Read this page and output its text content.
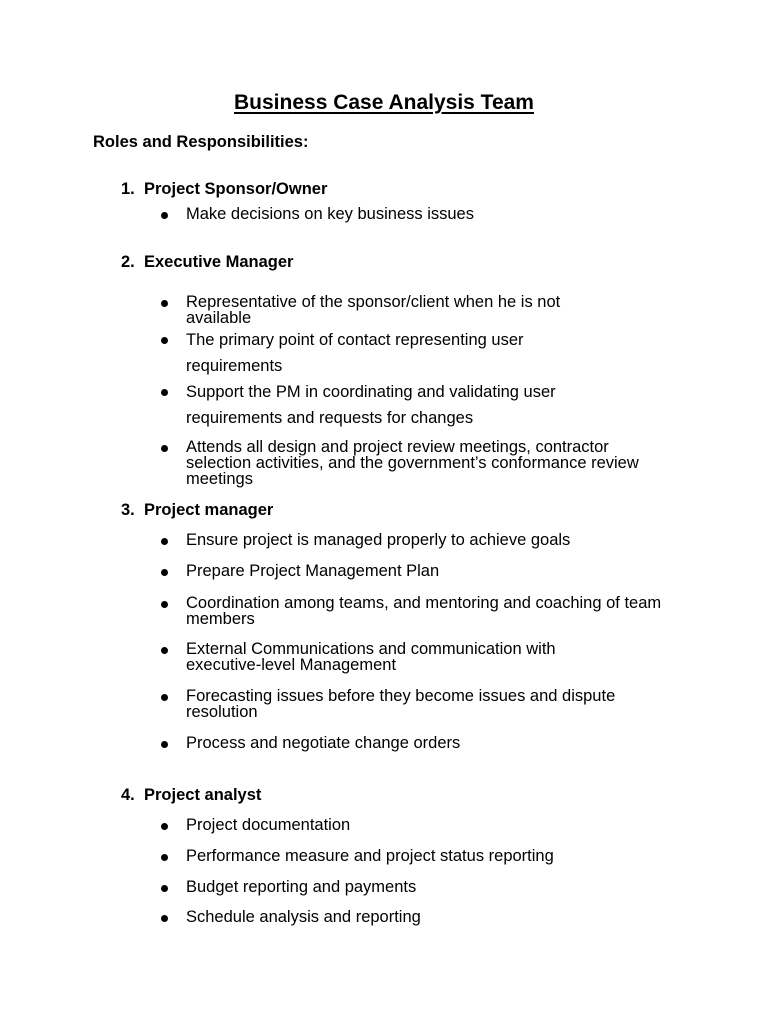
Business Case Analysis Team

Roles and Responsibilities:

1. Project Sponsor/Owner
Make decisions on key business issues
2. Executive Manager
Representative of the sponsor/client when he is not available
The primary point of contact representing user requirements
Support the PM in coordinating and validating user requirements and requests for changes
Attends all design and project review meetings, contractor selection activities, and the government’s conformance review meetings
3. Project manager
Ensure project is managed properly to achieve goals
Prepare Project Management Plan
Coordination among teams, and mentoring and coaching of team members
External Communications and communication with executive-level Management
Forecasting issues before they become issues and dispute resolution
Process and negotiate change orders
4. Project analyst
Project documentation
Performance measure and project status reporting
Budget reporting and payments
Schedule analysis and reporting
